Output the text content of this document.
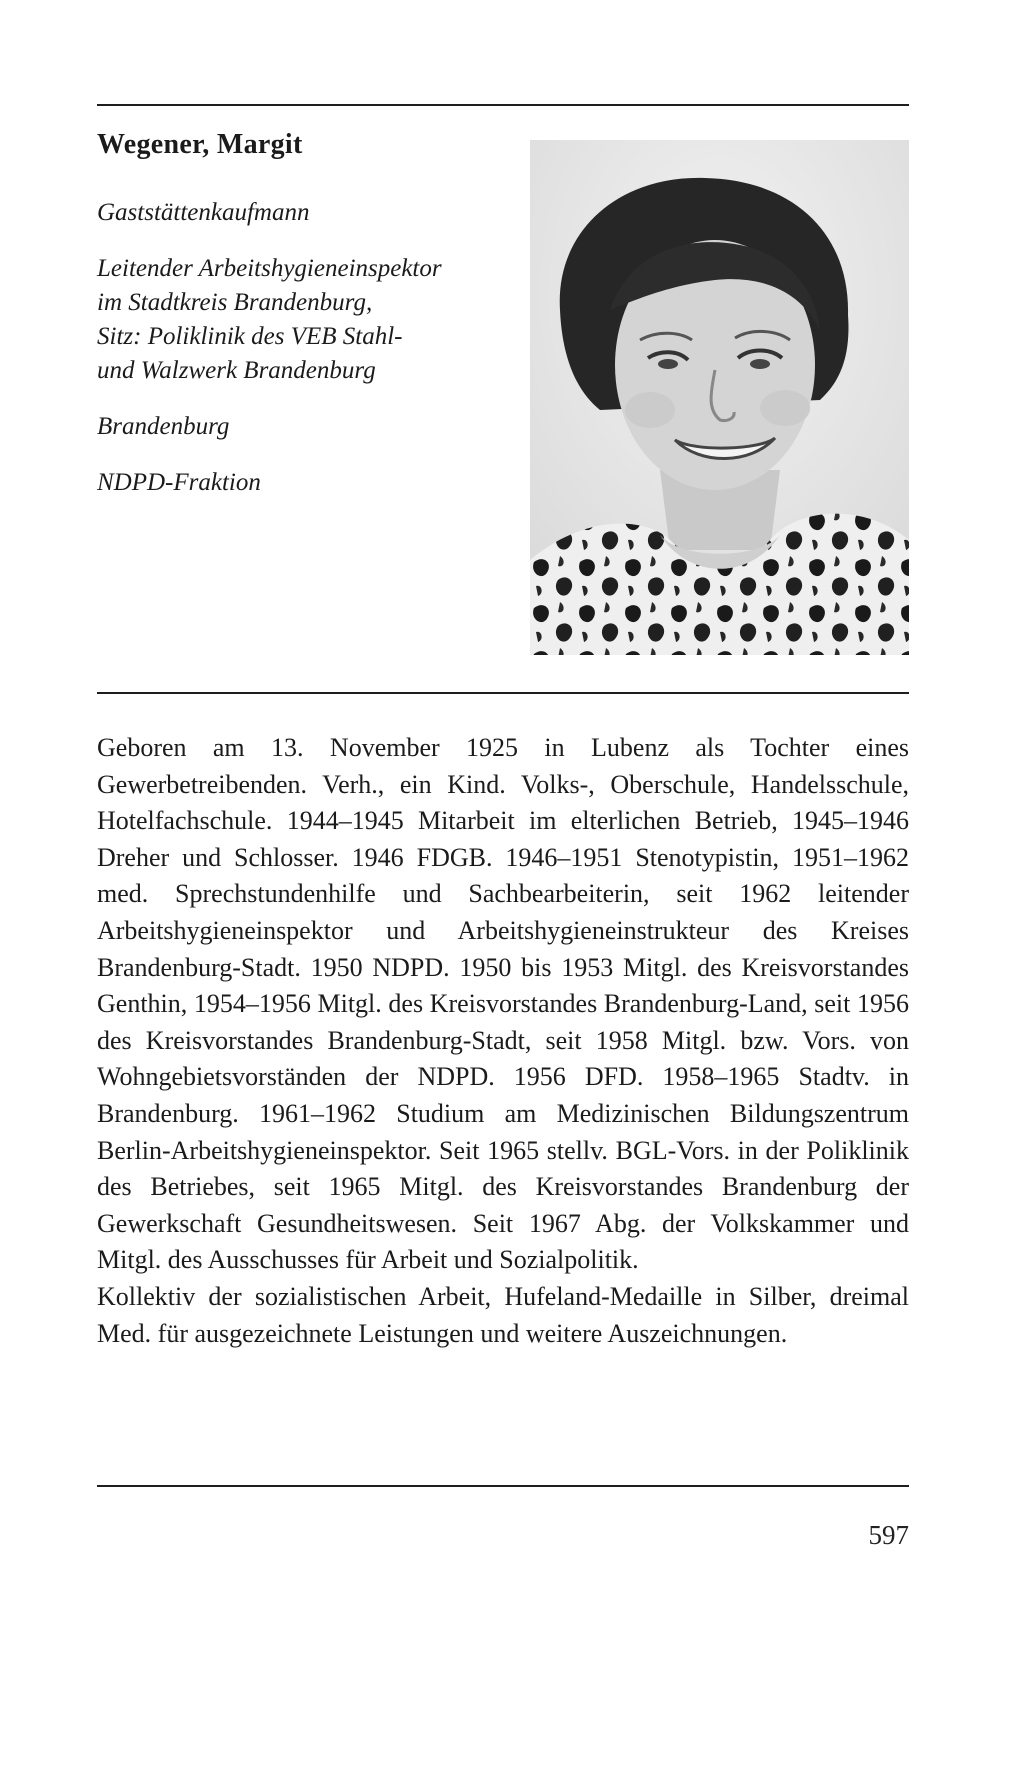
Wegener, Margit
Gaststättenkaufmann
Leitender Arbeitshygieneinspektor
im Stadtkreis Brandenburg,
Sitz: Poliklinik des VEB Stahl-
und Walzwerk Brandenburg
Brandenburg
NDPD-Fraktion

Geboren am 13. November 1925 in Lubenz als Tochter eines Gewerbetreibenden. Verh., ein Kind. Volks-, Oberschule, Handelsschule, Hotelfachschule. 1944–1945 Mitarbeit im elterlichen Betrieb, 1945–1946 Dreher und Schlosser. 1946 FDGB. 1946–1951 Stenotypistin, 1951–1962 med. Sprechstundenhilfe und Sachbearbeiterin, seit 1962 leitender Arbeitshygieneinspektor und Arbeitshygieneinstrukteur des Kreises Brandenburg-Stadt. 1950 NDPD. 1950 bis 1953 Mitgl. des Kreisvorstandes Genthin, 1954–1956 Mitgl. des Kreisvorstandes Brandenburg-Land, seit 1956 des Kreisvorstandes Brandenburg-Stadt, seit 1958 Mitgl. bzw. Vors. von Wohngebietsvorständen der NDPD. 1956 DFD. 1958–1965 Stadtv. in Brandenburg. 1961–1962 Studium am Medizinischen Bildungszentrum Berlin-Arbeitshygieneinspektor. Seit 1965 stellv. BGL-Vors. in der Poliklinik des Betriebes, seit 1965 Mitgl. des Kreisvorstandes Brandenburg der Gewerkschaft Gesundheitswesen. Seit 1967 Abg. der Volkskammer und Mitgl. des Ausschusses für Arbeit und Sozialpolitik.

Kollektiv der sozialistischen Arbeit, Hufeland-Medaille in Silber, dreimal Med. für ausgezeichnete Leistungen und weitere Auszeichnungen.

597
